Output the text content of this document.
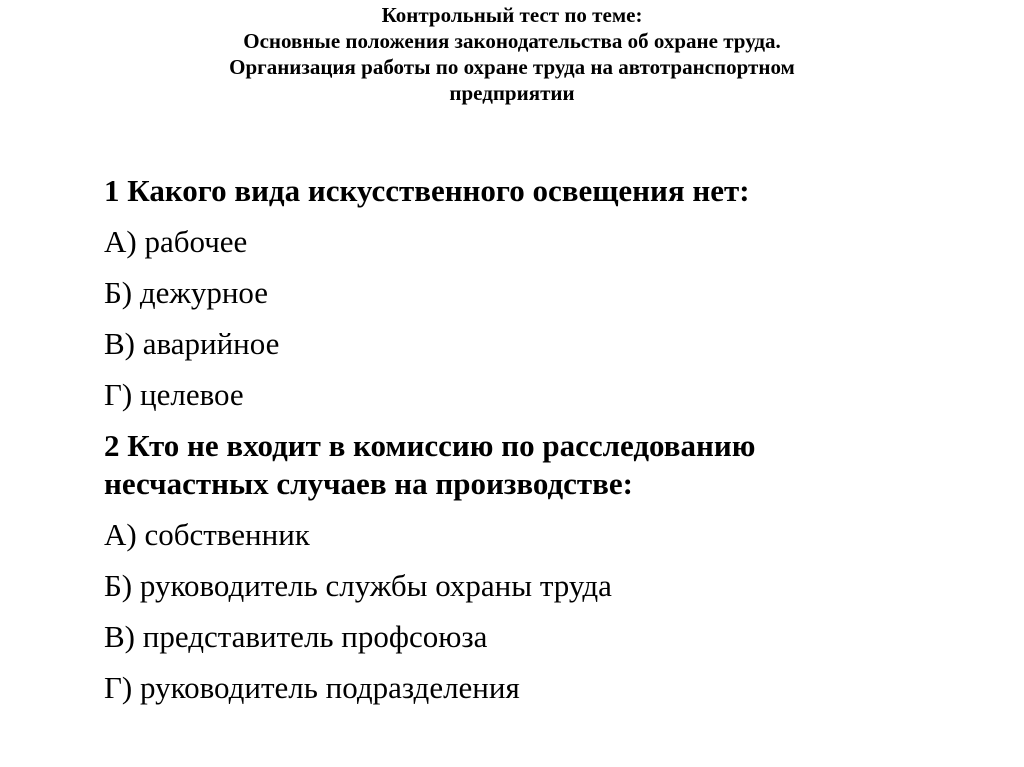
Контрольный тест по теме:
Основные положения законодательства об охране труда.
Организация работы по охране труда на автотранспортном
предприятии

1 Какого вида искусственного освещения нет:

А) рабочее

Б) дежурное

В) аварийное

Г) целевое

2 Кто не входит в комиссию по расследованию
несчастных случаев на производстве:

А) собственник

Б) руководитель службы охраны труда

В) представитель профсоюза

Г) руководитель подразделения
